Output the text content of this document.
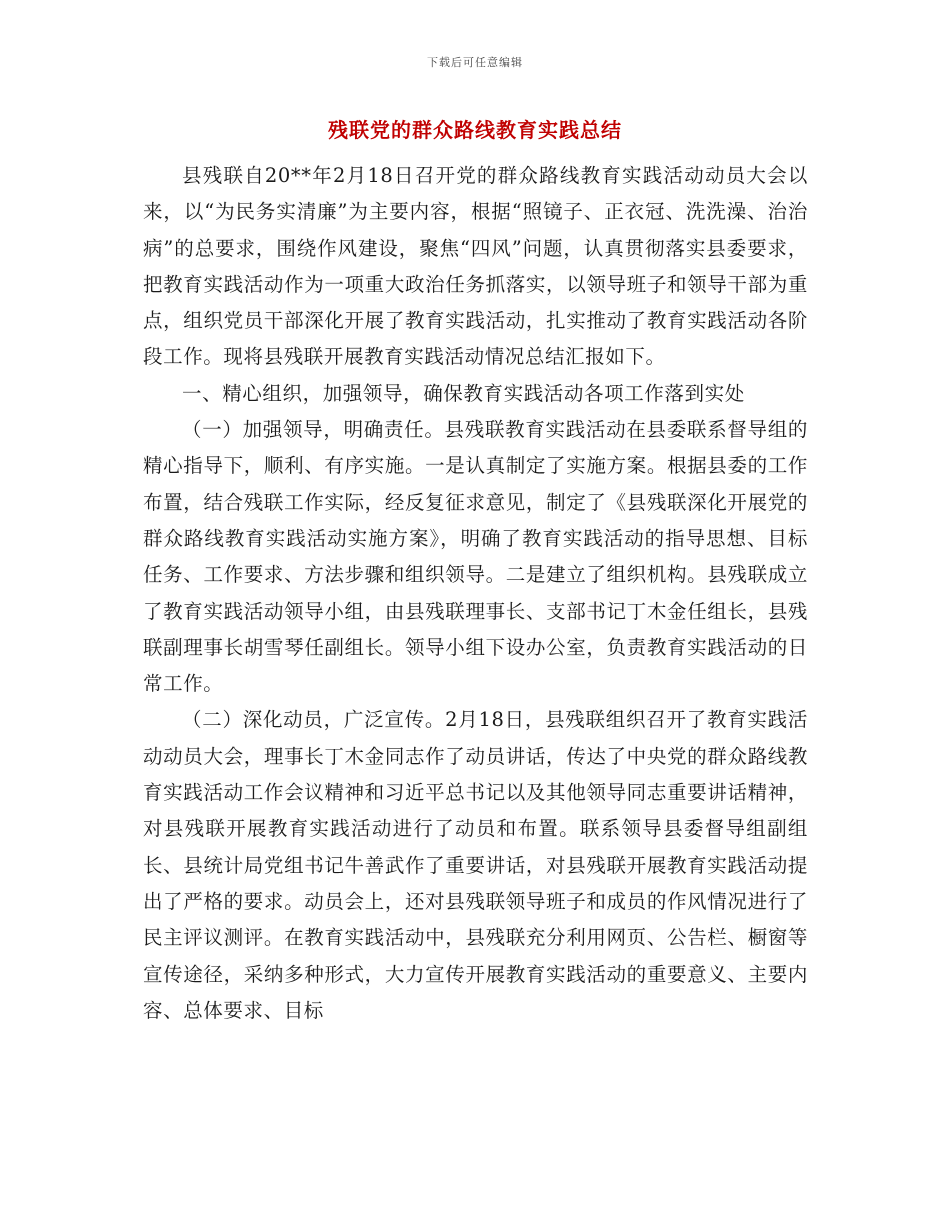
下载后可任意编辑
残联党的群众路线教育实践总结

县残联自20**年2月18日召开党的群众路线教育实践活动动员大会以来，以“为民务实清廉”为主要内容，根据“照镜子、正衣冠、洗洗澡、治治病”的总要求，围绕作风建设，聚焦“四风”问题，认真贯彻落实县委要求，把教育实践活动作为一项重大政治任务抓落实，以领导班子和领导干部为重点，组织党员干部深化开展了教育实践活动，扎实推动了教育实践活动各阶段工作。现将县残联开展教育实践活动情况总结汇报如下。

一、精心组织，加强领导，确保教育实践活动各项工作落到实处

（一）加强领导，明确责任。县残联教育实践活动在县委联系督导组的精心指导下，顺利、有序实施。一是认真制定了实施方案。根据县委的工作布置，结合残联工作实际，经反复征求意见，制定了《县残联深化开展党的群众路线教育实践活动实施方案》，明确了教育实践活动的指导思想、目标任务、工作要求、方法步骤和组织领导。二是建立了组织机构。县残联成立了教育实践活动领导小组，由县残联理事长、支部书记丁木金任组长，县残联副理事长胡雪琴任副组长。领导小组下设办公室，负责教育实践活动的日常工作。

（二）深化动员，广泛宣传。2月18日，县残联组织召开了教育实践活动动员大会，理事长丁木金同志作了动员讲话，传达了中央党的群众路线教育实践活动工作会议精神和习近平总书记以及其他领导同志重要讲话精神，对县残联开展教育实践活动进行了动员和布置。联系领导县委督导组副组长、县统计局党组书记牛善武作了重要讲话，对县残联开展教育实践活动提出了严格的要求。动员会上，还对县残联领导班子和成员的作风情况进行了民主评议测评。在教育实践活动中，县残联充分利用网页、公告栏、橱窗等宣传途径，采纳多种形式，大力宣传开展教育实践活动的重要意义、主要内容、总体要求、目标
